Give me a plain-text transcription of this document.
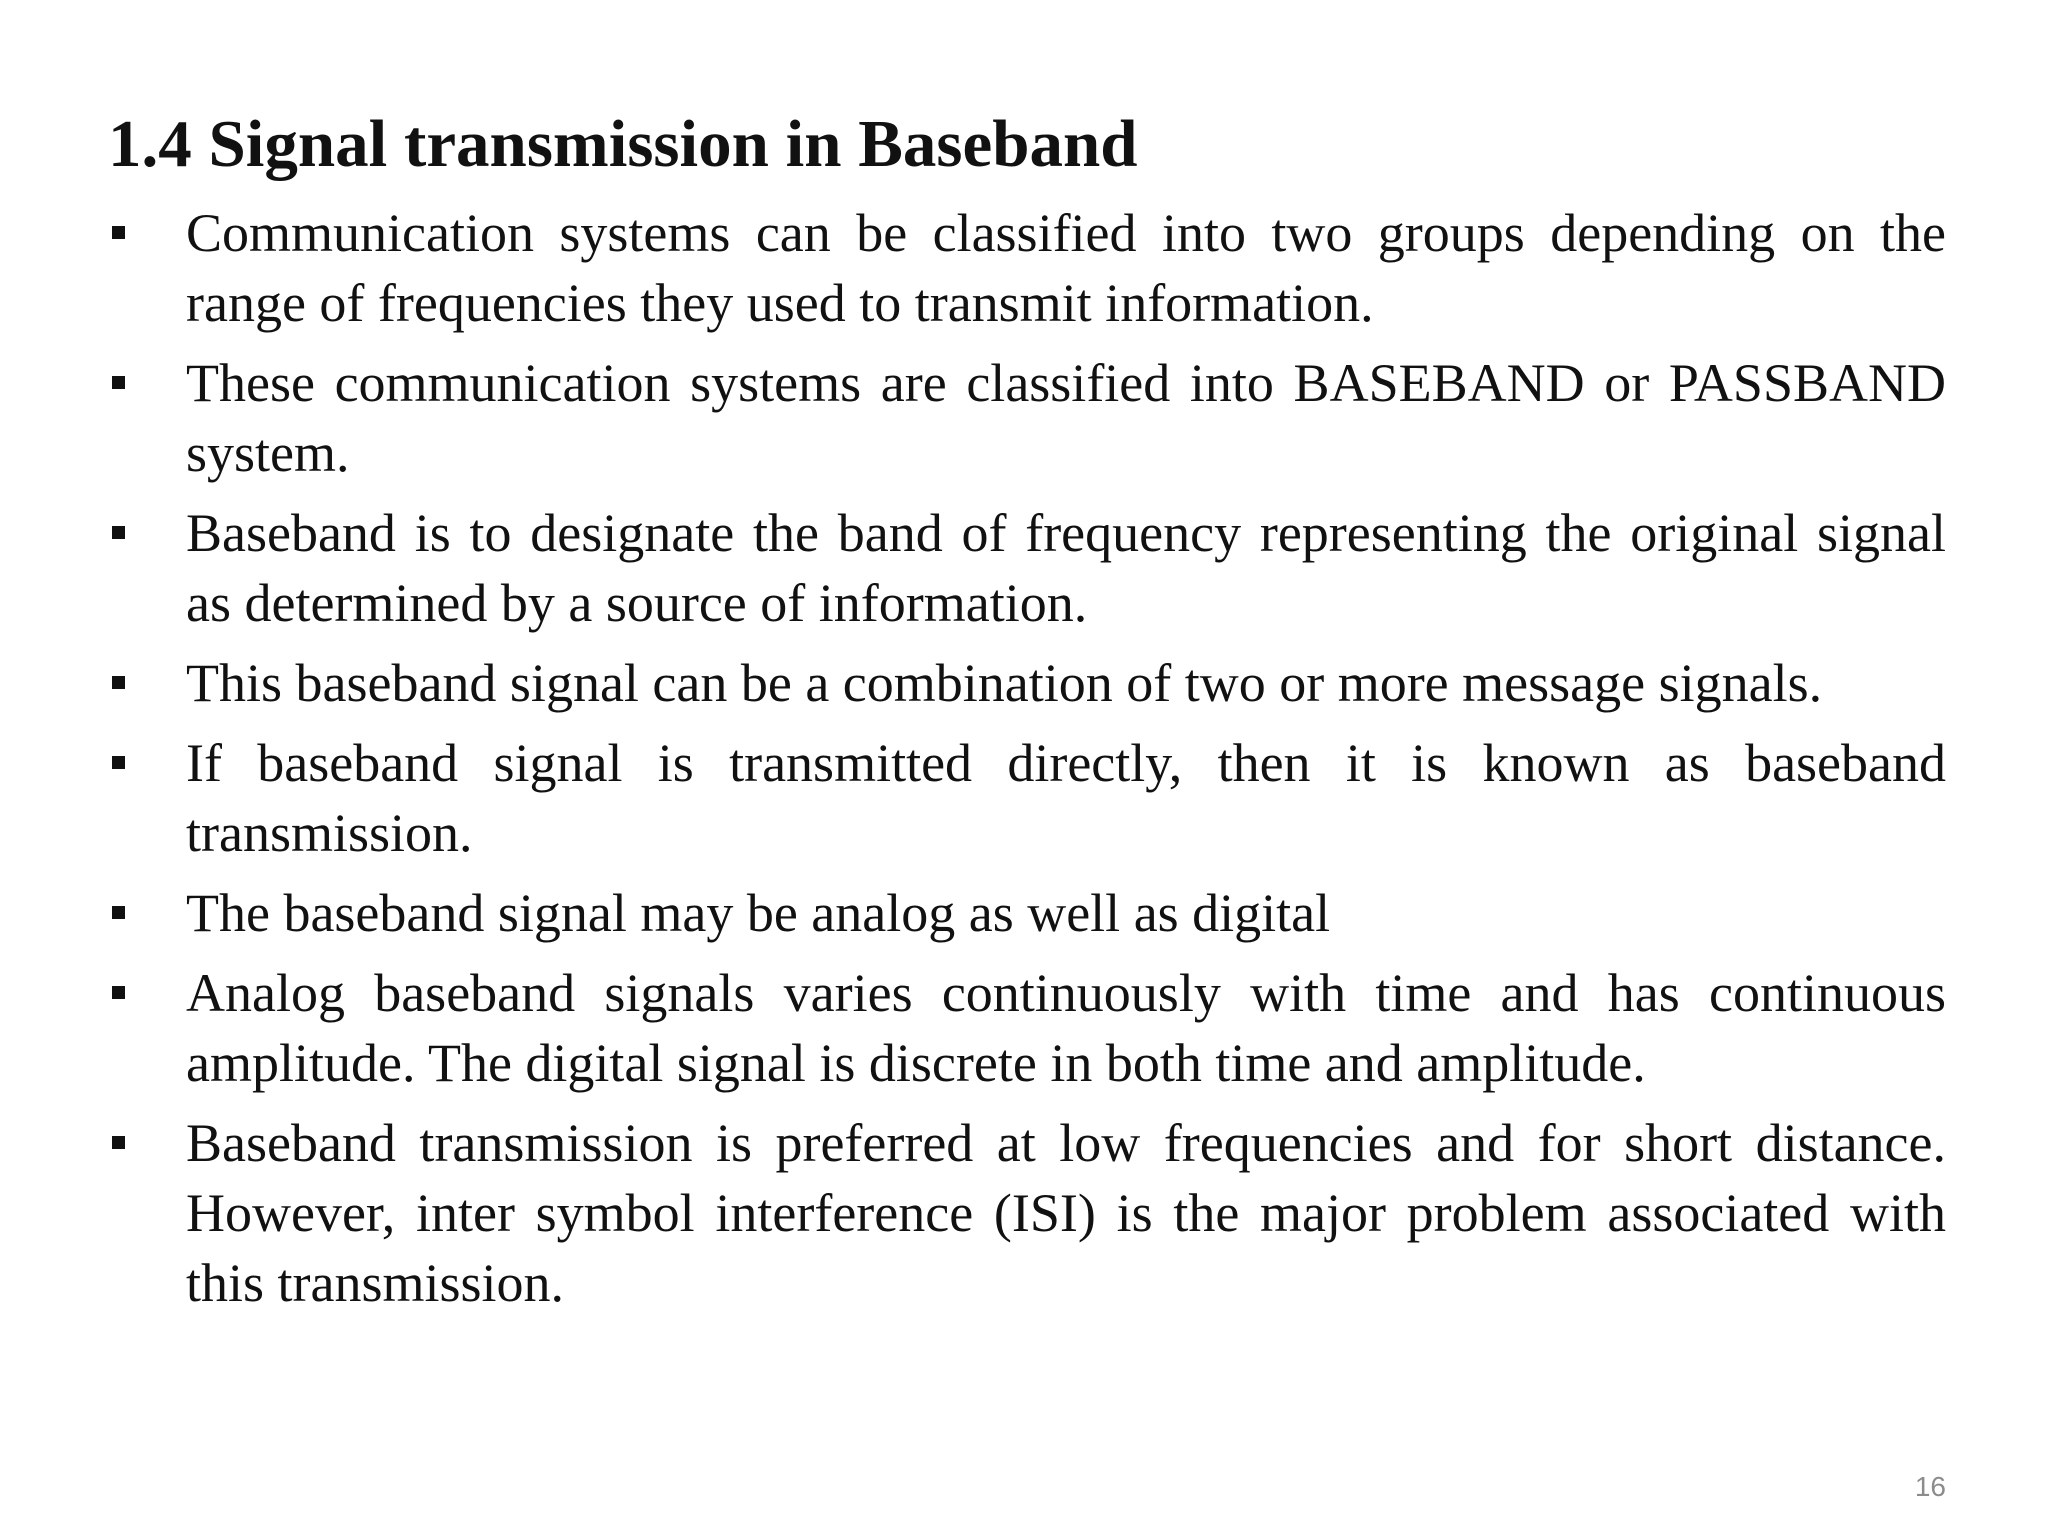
1.4 Signal transmission in Baseband
Communication systems can be classified into two groups depending on the range of frequencies they used to transmit information.
These communication systems are classified into BASEBAND or PASSBAND system.
Baseband is to designate the band of frequency representing the original signal as determined by a source of information.
This baseband signal can be a combination of two or more message signals.
If baseband signal is transmitted directly, then it is known as baseband transmission.
The baseband signal may be analog as well as digital
Analog baseband signals varies continuously with time and has continuous amplitude. The digital signal is discrete in both time and amplitude.
Baseband transmission is preferred at low frequencies and for short distance. However, inter symbol interference (ISI) is the major problem associated with this transmission.
16
